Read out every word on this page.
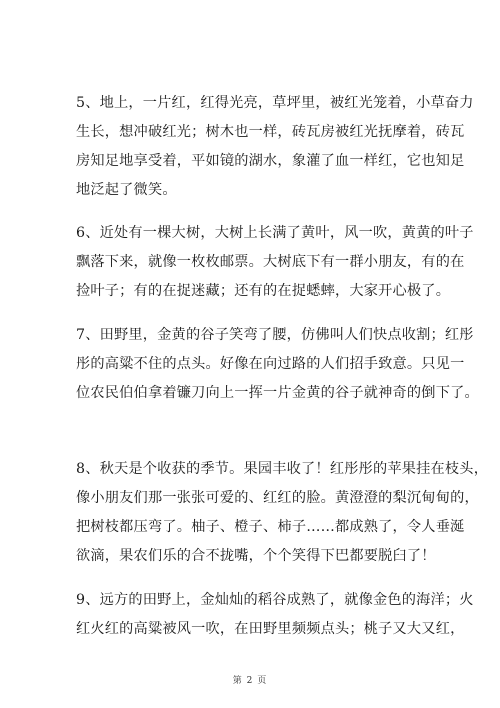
5、地上，一片红，红得光亮，草坪里，被红光笼着，小草奋力
生长，想冲破红光；树木也一样，砖瓦房被红光抚摩着，砖瓦
房知足地享受着，平如镜的湖水，象灌了血一样红，它也知足
地泛起了微笑。

6、近处有一棵大树，大树上长满了黄叶，风一吹，黄黄的叶子
飘落下来，就像一枚枚邮票。大树底下有一群小朋友，有的在
捡叶子；有的在捉迷藏；还有的在捉蟋蟀，大家开心极了。

7、田野里，金黄的谷子笑弯了腰，仿佛叫人们快点收割；红彤
彤的高粱不住的点头。好像在向过路的人们招手致意。只见一
位农民伯伯拿着镰刀向上一挥一片金黄的谷子就神奇的倒下了。

8、秋天是个收获的季节。果园丰收了！红彤彤的苹果挂在枝头，
像小朋友们那一张张可爱的、红红的脸。黄澄澄的梨沉甸甸的，
把树枝都压弯了。柚子、橙子、柿子……都成熟了，令人垂涎
欲滴，果农们乐的合不拢嘴，个个笑得下巴都要脱臼了！

9、远方的田野上，金灿灿的稻谷成熟了，就像金色的海洋；火
红火红的高粱被风一吹，在田野里频频点头；桃子又大又红，

第 2 页
